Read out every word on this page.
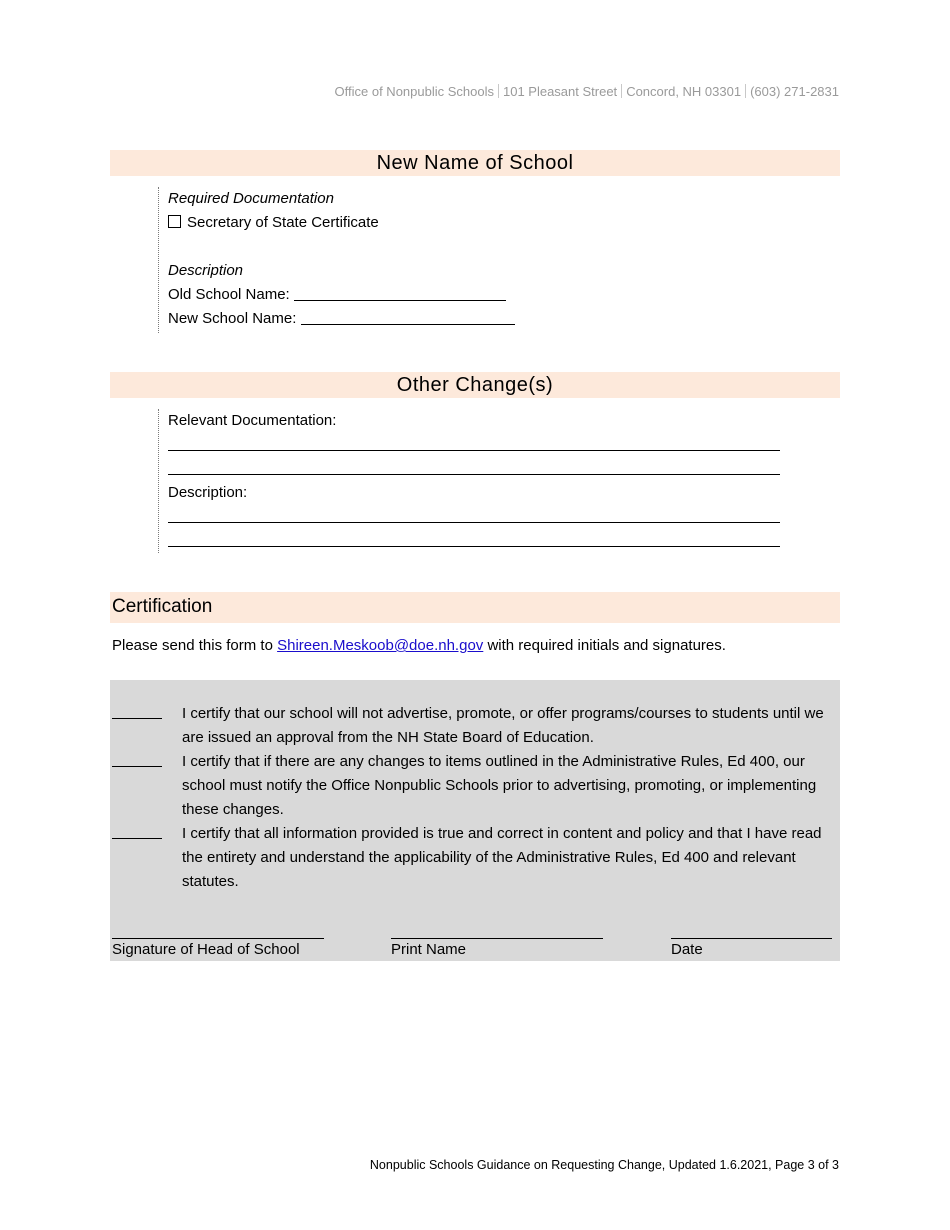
Office of Nonpublic Schools 101 Pleasant Street Concord, NH 03301 (603) 271-2831
New Name of School
Required Documentation
Secretary of State Certificate
Description
Old School Name:
New School Name:
Other Change(s)
Relevant Documentation:
Description:
Certification
Please send this form to Shireen.Meskoob@doe.nh.gov with required initials and signatures.
I certify that our school will not advertise, promote, or offer programs/courses to students until we are issued an approval from the NH State Board of Education.
I certify that if there are any changes to items outlined in the Administrative Rules, Ed 400, our school must notify the Office Nonpublic Schools prior to advertising, promoting, or implementing these changes.
I certify that all information provided is true and correct in content and policy and that I have read the entirety and understand the applicability of the Administrative Rules, Ed 400 and relevant statutes.
Signature of Head of School	Print Name	Date
Nonpublic Schools Guidance on Requesting Change, Updated 1.6.2021, Page 3 of 3
